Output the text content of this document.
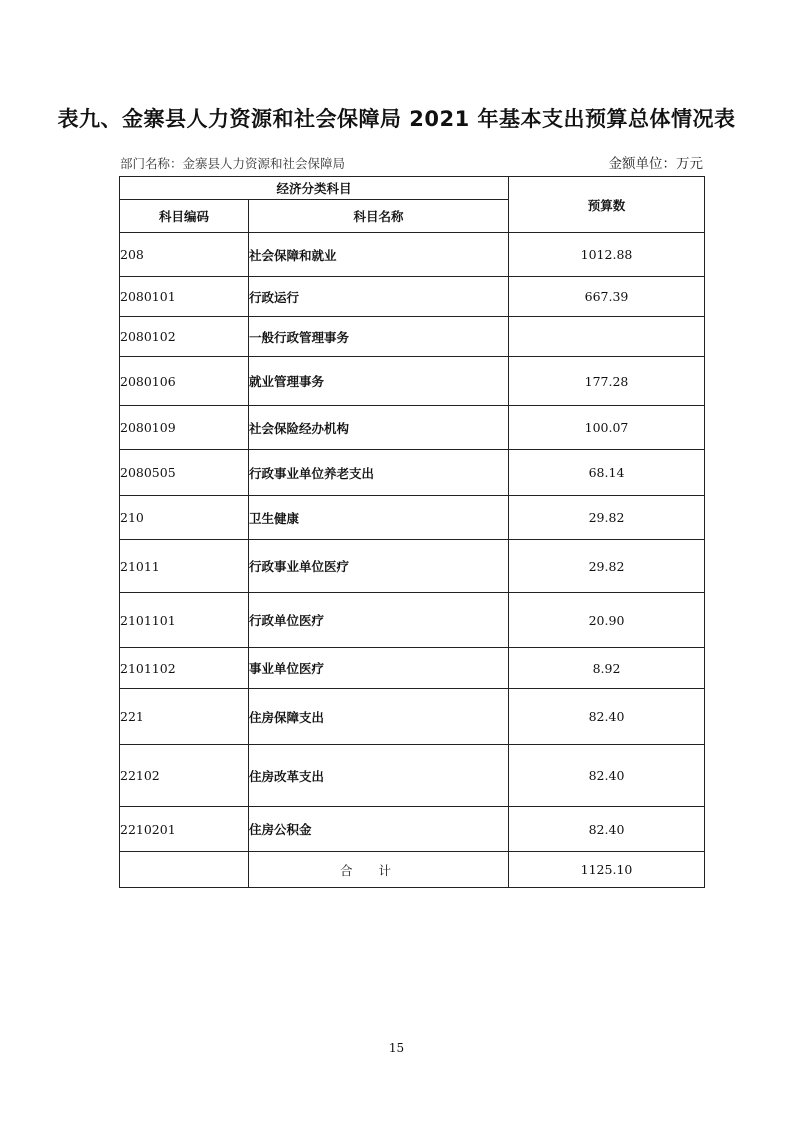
表九、金寨县人力资源和社会保障局 2021 年基本支出预算总体情况表
部门名称：金寨县人力资源和社会保障局	金额单位：万元
经济分类科目		预算数
科目编码	科目名称	
208	社会保障和就业	1012.88
2080101	行政运行	667.39
2080102	一般行政管理事务	
2080106	就业管理事务	177.28
2080109	社会保险经办机构	100.07
2080505	行政事业单位养老支出	68.14
210	卫生健康	29.82
21011	行政事业单位医疗	29.82
2101101	行政单位医疗	20.90
2101102	事业单位医疗	8.92
221	住房保障支出	82.40
22102	住房改革支出	82.40
2210201	住房公积金	82.40
	合计	1125.10
15
